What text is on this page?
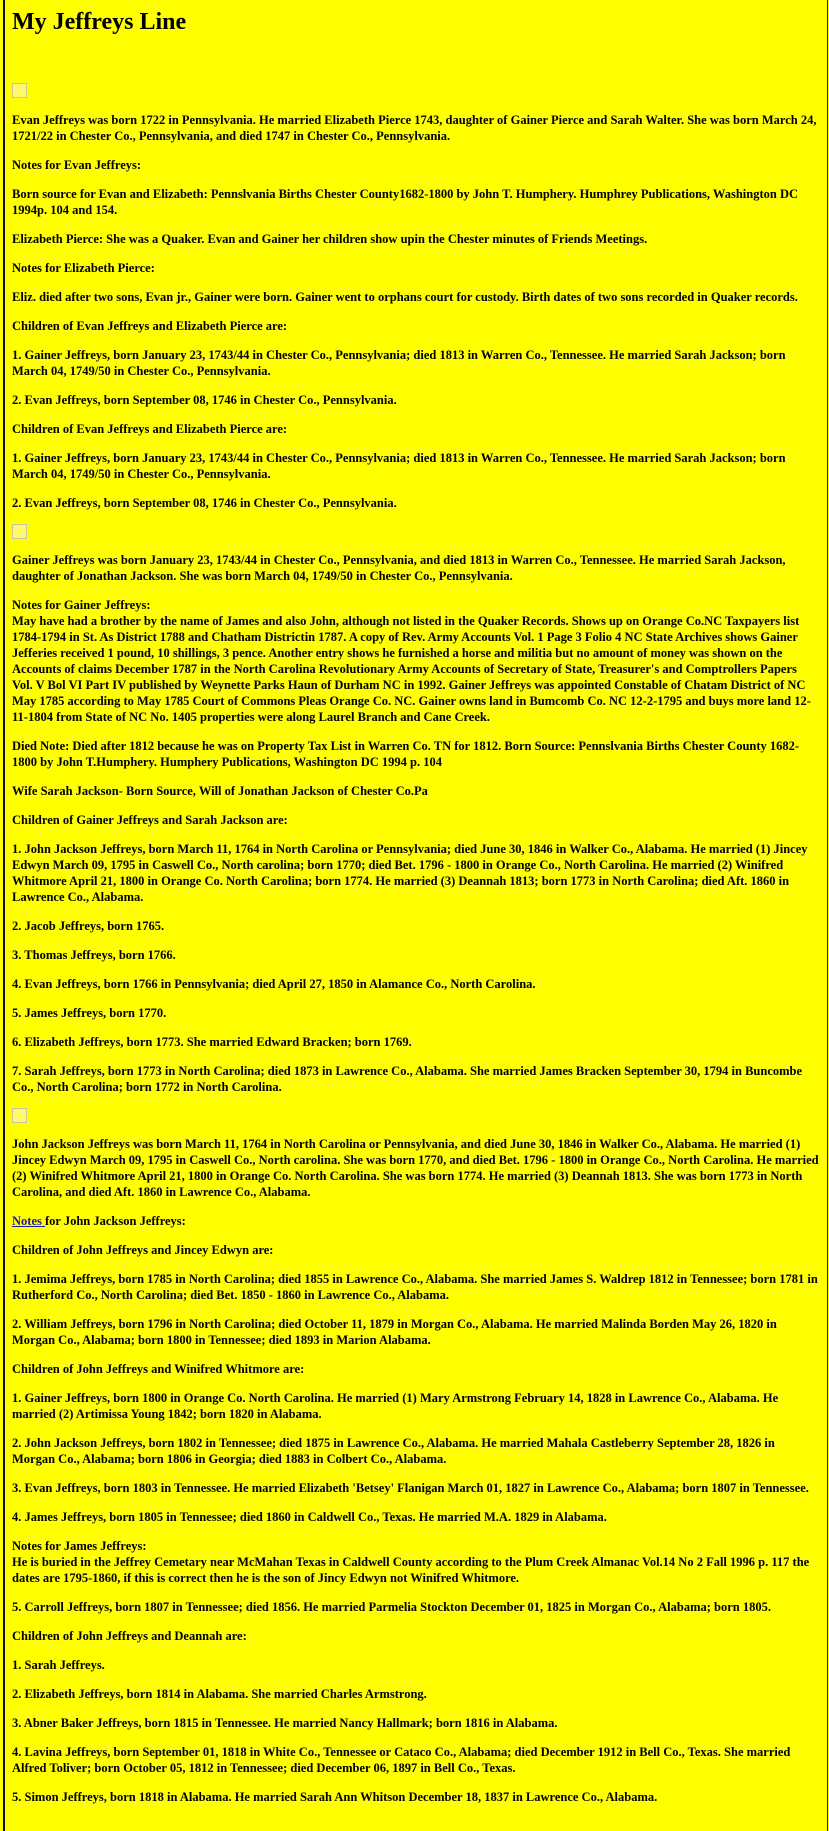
My Jeffreys Line

Evan Jeffreys was born 1722 in Pennsylvania. He married Elizabeth Pierce 1743, daughter of Gainer Pierce and Sarah Walter. She was born March 24, 1721/22 in Chester Co., Pennsylvania, and died 1747 in Chester Co., Pennsylvania.

Notes for Evan Jeffreys:

Born source for Evan and Elizabeth: Pennslvania Births Chester County1682-1800 by John T. Humphery. Humphrey Publications, Washington DC 1994p. 104 and 154.

Elizabeth Pierce: She was a Quaker. Evan and Gainer her children show upin the Chester minutes of Friends Meetings.

Notes for Elizabeth Pierce:

Eliz. died after two sons, Evan jr., Gainer were born. Gainer went to orphans court for custody. Birth dates of two sons recorded in Quaker records.

Children of Evan Jeffreys and Elizabeth Pierce are:

1. Gainer Jeffreys, born January 23, 1743/44 in Chester Co., Pennsylvania; died 1813 in Warren Co., Tennessee. He married Sarah Jackson; born March 04, 1749/50 in Chester Co., Pennsylvania.

2. Evan Jeffreys, born September 08, 1746 in Chester Co., Pennsylvania.

Children of Evan Jeffreys and Elizabeth Pierce are:

1. Gainer Jeffreys, born January 23, 1743/44 in Chester Co., Pennsylvania; died 1813 in Warren Co., Tennessee. He married Sarah Jackson; born March 04, 1749/50 in Chester Co., Pennsylvania.

2. Evan Jeffreys, born September 08, 1746 in Chester Co., Pennsylvania.

Gainer Jeffreys was born January 23, 1743/44 in Chester Co., Pennsylvania, and died 1813 in Warren Co., Tennessee. He married Sarah Jackson, daughter of Jonathan Jackson. She was born March 04, 1749/50 in Chester Co., Pennsylvania.

Notes for Gainer Jeffreys:
May have had a brother by the name of James and also John, although not listed in the Quaker Records. Shows up on Orange Co.NC Taxpayers list 1784-1794 in St. As District 1788 and Chatham Districtin 1787. A copy of Rev. Army Accounts Vol. 1 Page 3 Folio 4 NC State Archives shows Gainer Jefferies received 1 pound, 10 shillings, 3 pence. Another entry shows he furnished a horse and militia but no amount of money was shown on the Accounts of claims December 1787 in the North Carolina Revolutionary Army Accounts of Secretary of State, Treasurer's and Comptrollers Papers Vol. V Bol VI Part IV published by Weynette Parks Haun of Durham NC in 1992. Gainer Jeffreys was appointed Constable of Chatam District of NC May 1785 according to May 1785 Court of Commons Pleas Orange Co. NC. Gainer owns land in Bumcomb Co. NC 12-2-1795 and buys more land 12-11-1804 from State of NC No. 1405 properties were along Laurel Branch and Cane Creek.

Died Note: Died after 1812 because he was on Property Tax List in Warren Co. TN for 1812. Born Source: Pennslvania Births Chester County 1682-1800 by John T.Humphery. Humphery Publications, Washington DC 1994 p. 104

Wife Sarah Jackson- Born Source, Will of Jonathan Jackson of Chester Co.Pa

Children of Gainer Jeffreys and Sarah Jackson are:

1. John Jackson Jeffreys, born March 11, 1764 in North Carolina or Pennsylvania; died June 30, 1846 in Walker Co., Alabama. He married (1) Jincey Edwyn March 09, 1795 in Caswell Co., North carolina; born 1770; died Bet. 1796 - 1800 in Orange Co., North Carolina. He married (2) Winifred Whitmore April 21, 1800 in Orange Co. North Carolina; born 1774. He married (3) Deannah 1813; born 1773 in North Carolina; died Aft. 1860 in Lawrence Co., Alabama.

2. Jacob Jeffreys, born 1765.

3. Thomas Jeffreys, born 1766.

4. Evan Jeffreys, born 1766 in Pennsylvania; died April 27, 1850 in Alamance Co., North Carolina.

5. James Jeffreys, born 1770.

6. Elizabeth Jeffreys, born 1773. She married Edward Bracken; born 1769.

7. Sarah Jeffreys, born 1773 in North Carolina; died 1873 in Lawrence Co., Alabama. She married James Bracken September 30, 1794 in Buncombe Co., North Carolina; born 1772 in North Carolina.

John Jackson Jeffreys was born March 11, 1764 in North Carolina or Pennsylvania, and died June 30, 1846 in Walker Co., Alabama. He married (1) Jincey Edwyn March 09, 1795 in Caswell Co., North carolina. She was born 1770, and died Bet. 1796 - 1800 in Orange Co., North Carolina. He married (2) Winifred Whitmore April 21, 1800 in Orange Co. North Carolina. She was born 1774. He married (3) Deannah 1813. She was born 1773 in North Carolina, and died Aft. 1860 in Lawrence Co., Alabama.

Notes for John Jackson Jeffreys:

Children of John Jeffreys and Jincey Edwyn are:

1. Jemima Jeffreys, born 1785 in North Carolina; died 1855 in Lawrence Co., Alabama. She married James S. Waldrep 1812 in Tennessee; born 1781 in Rutherford Co., North Carolina; died Bet. 1850 - 1860 in Lawrence Co., Alabama.

2. William Jeffreys, born 1796 in North Carolina; died October 11, 1879 in Morgan Co., Alabama. He married Malinda Borden May 26, 1820 in Morgan Co., Alabama; born 1800 in Tennessee; died 1893 in Marion Alabama.

Children of John Jeffreys and Winifred Whitmore are:

1. Gainer Jeffreys, born 1800 in Orange Co. North Carolina. He married (1) Mary Armstrong February 14, 1828 in Lawrence Co., Alabama. He married (2) Artimissa Young 1842; born 1820 in Alabama.

2. John Jackson Jeffreys, born 1802 in Tennessee; died 1875 in Lawrence Co., Alabama. He married Mahala Castleberry September 28, 1826 in Morgan Co., Alabama; born 1806 in Georgia; died 1883 in Colbert Co., Alabama.

3. Evan Jeffreys, born 1803 in Tennessee. He married Elizabeth 'Betsey' Flanigan March 01, 1827 in Lawrence Co., Alabama; born 1807 in Tennessee.

4. James Jeffreys, born 1805 in Tennessee; died 1860 in Caldwell Co., Texas. He married M.A. 1829 in Alabama.

Notes for James Jeffreys:
He is buried in the Jeffrey Cemetary near McMahan Texas in Caldwell County according to the Plum Creek Almanac Vol.14 No 2 Fall 1996 p. 117 the dates are 1795-1860, if this is correct then he is the son of Jincy Edwyn not Winifred Whitmore.

5. Carroll Jeffreys, born 1807 in Tennessee; died 1856. He married Parmelia Stockton December 01, 1825 in Morgan Co., Alabama; born 1805.

Children of John Jeffreys and Deannah are:

1. Sarah Jeffreys.

2. Elizabeth Jeffreys, born 1814 in Alabama. She married Charles Armstrong.

3. Abner Baker Jeffreys, born 1815 in Tennessee. He married Nancy Hallmark; born 1816 in Alabama.

4. Lavina Jeffreys, born September 01, 1818 in White Co., Tennessee or Cataco Co., Alabama; died December 1912 in Bell Co., Texas. She married Alfred Toliver; born October 05, 1812 in Tennessee; died December 06, 1897 in Bell Co., Texas.

5. Simon Jeffreys, born 1818 in Alabama. He married Sarah Ann Whitson December 18, 1837 in Lawrence Co., Alabama.
